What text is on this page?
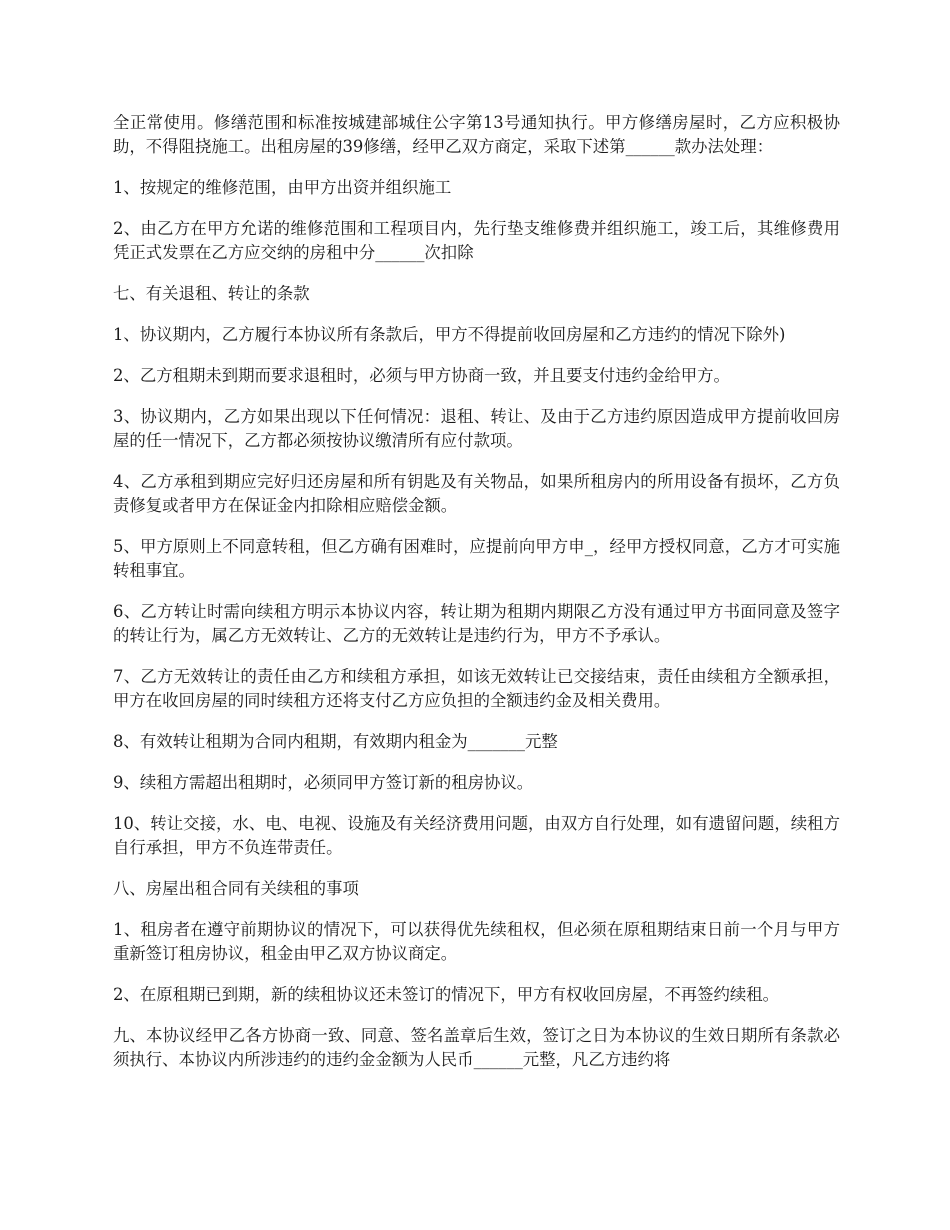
全正常使用。修缮范围和标准按城建部城住公字第13号通知执行。甲方修缮房屋时，乙方应积极协助，不得阻挠施工。出租房屋的39修缮，经甲乙双方商定，采取下述第______款办法处理：

1、按规定的维修范围，由甲方出资并组织施工

2、由乙方在甲方允诺的维修范围和工程项目内，先行垫支维修费并组织施工，竣工后，其维修费用凭正式发票在乙方应交纳的房租中分______次扣除

七、有关退租、转让的条款

1、协议期内，乙方履行本协议所有条款后，甲方不得提前收回房屋和乙方违约的情况下除外)

2、乙方租期未到期而要求退租时，必须与甲方协商一致，并且要支付违约金给甲方。

3、协议期内，乙方如果出现以下任何情况：退租、转让、及由于乙方违约原因造成甲方提前收回房屋的任一情况下，乙方都必须按协议缴清所有应付款项。

4、乙方承租到期应完好归还房屋和所有钥匙及有关物品，如果所租房内的所用设备有损坏，乙方负责修复或者甲方在保证金内扣除相应赔偿金额。

5、甲方原则上不同意转租，但乙方确有困难时，应提前向甲方申_，经甲方授权同意，乙方才可实施转租事宜。

6、乙方转让时需向续租方明示本协议内容，转让期为租期内期限乙方没有通过甲方书面同意及签字的转让行为，属乙方无效转让、乙方的无效转让是违约行为，甲方不予承认。

7、乙方无效转让的责任由乙方和续租方承担，如该无效转让已交接结束，责任由续租方全额承担，甲方在收回房屋的同时续租方还将支付乙方应负担的全额违约金及相关费用。

8、有效转让租期为合同内租期，有效期内租金为_______元整

9、续租方需超出租期时，必须同甲方签订新的租房协议。

10、转让交接，水、电、电视、设施及有关经济费用问题，由双方自行处理，如有遗留问题，续租方自行承担，甲方不负连带责任。

八、房屋出租合同有关续租的事项

1、租房者在遵守前期协议的情况下，可以获得优先续租权，但必须在原租期结束日前一个月与甲方重新签订租房协议，租金由甲乙双方协议商定。

2、在原租期已到期，新的续租协议还未签订的情况下，甲方有权收回房屋，不再签约续租。

九、本协议经甲乙各方协商一致、同意、签名盖章后生效，签订之日为本协议的生效日期所有条款必须执行、本协议内所涉违约的违约金金额为人民币______元整，凡乙方违约将
